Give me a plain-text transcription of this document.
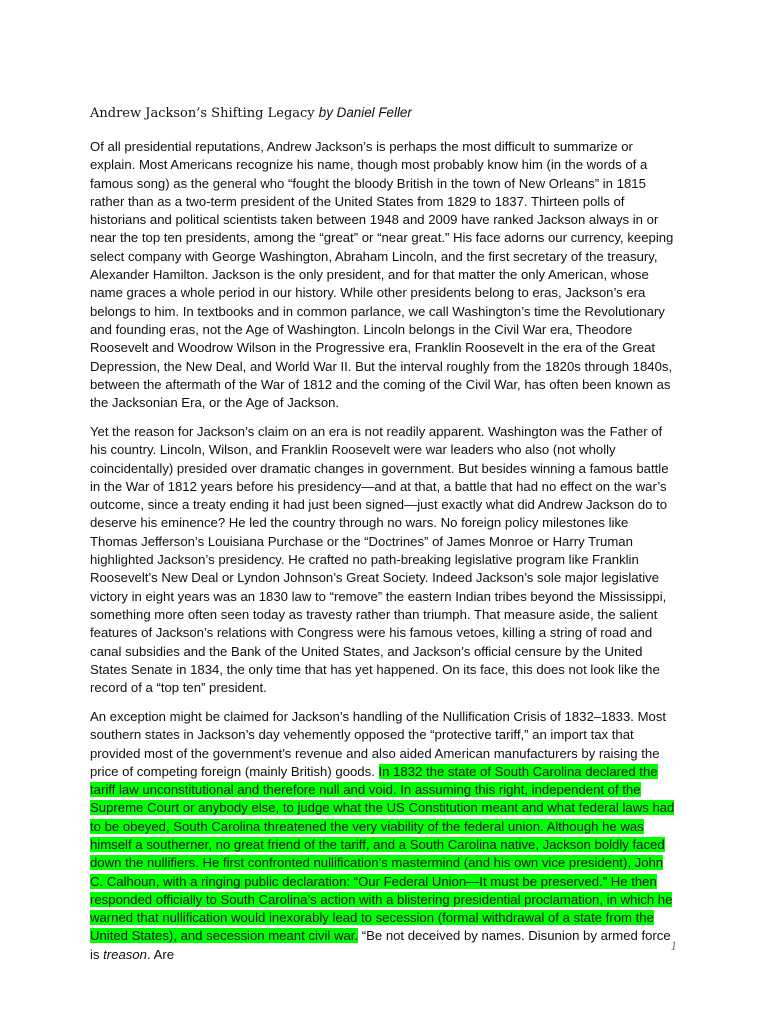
Andrew Jackson’s Shifting Legacy by Daniel Feller

Of all presidential reputations, Andrew Jackson’s is perhaps the most difficult to summarize or explain. Most Americans recognize his name, though most probably know him (in the words of a famous song) as the general who “fought the bloody British in the town of New Orleans” in 1815 rather than as a two-term president of the United States from 1829 to 1837. Thirteen polls of historians and political scientists taken between 1948 and 2009 have ranked Jackson always in or near the top ten presidents, among the “great” or “near great.” His face adorns our currency, keeping select company with George Washington, Abraham Lincoln, and the first secretary of the treasury, Alexander Hamilton. Jackson is the only president, and for that matter the only American, whose name graces a whole period in our history. While other presidents belong to eras, Jackson’s era belongs to him. In textbooks and in common parlance, we call Washington’s time the Revolutionary and founding eras, not the Age of Washington. Lincoln belongs in the Civil War era, Theodore Roosevelt and Woodrow Wilson in the Progressive era, Franklin Roosevelt in the era of the Great Depression, the New Deal, and World War II. But the interval roughly from the 1820s through 1840s, between the aftermath of the War of 1812 and the coming of the Civil War, has often been known as the Jacksonian Era, or the Age of Jackson.

Yet the reason for Jackson’s claim on an era is not readily apparent. Washington was the Father of his country. Lincoln, Wilson, and Franklin Roosevelt were war leaders who also (not wholly coincidentally) presided over dramatic changes in government. But besides winning a famous battle in the War of 1812 years before his presidency—and at that, a battle that had no effect on the war’s outcome, since a treaty ending it had just been signed—just exactly what did Andrew Jackson do to deserve his eminence? He led the country through no wars. No foreign policy milestones like Thomas Jefferson’s Louisiana Purchase or the “Doctrines” of James Monroe or Harry Truman highlighted Jackson’s presidency. He crafted no path-breaking legislative program like Franklin Roosevelt’s New Deal or Lyndon Johnson’s Great Society. Indeed Jackson’s sole major legislative victory in eight years was an 1830 law to “remove” the eastern Indian tribes beyond the Mississippi, something more often seen today as travesty rather than triumph. That measure aside, the salient features of Jackson’s relations with Congress were his famous vetoes, killing a string of road and canal subsidies and the Bank of the United States, and Jackson’s official censure by the United States Senate in 1834, the only time that has yet happened. On its face, this does not look like the record of a “top ten” president.

An exception might be claimed for Jackson’s handling of the Nullification Crisis of 1832–1833. Most southern states in Jackson’s day vehemently opposed the “protective tariff,” an import tax that provided most of the government’s revenue and also aided American manufacturers by raising the price of competing foreign (mainly British) goods. In 1832 the state of South Carolina declared the tariff law unconstitutional and therefore null and void. In assuming this right, independent of the Supreme Court or anybody else, to judge what the US Constitution meant and what federal laws had to be obeyed, South Carolina threatened the very viability of the federal union. Although he was himself a southerner, no great friend of the tariff, and a South Carolina native, Jackson boldly faced down the nullifiers. He first confronted nullification’s mastermind (and his own vice president), John C. Calhoun, with a ringing public declaration: “Our Federal Union—It must be preserved.” He then responded officially to South Carolina’s action with a blistering presidential proclamation, in which he warned that nullification would inexorably lead to secession (formal withdrawal of a state from the United States), and secession meant civil war. “Be not deceived by names. Disunion by armed force is treason. Are

1
